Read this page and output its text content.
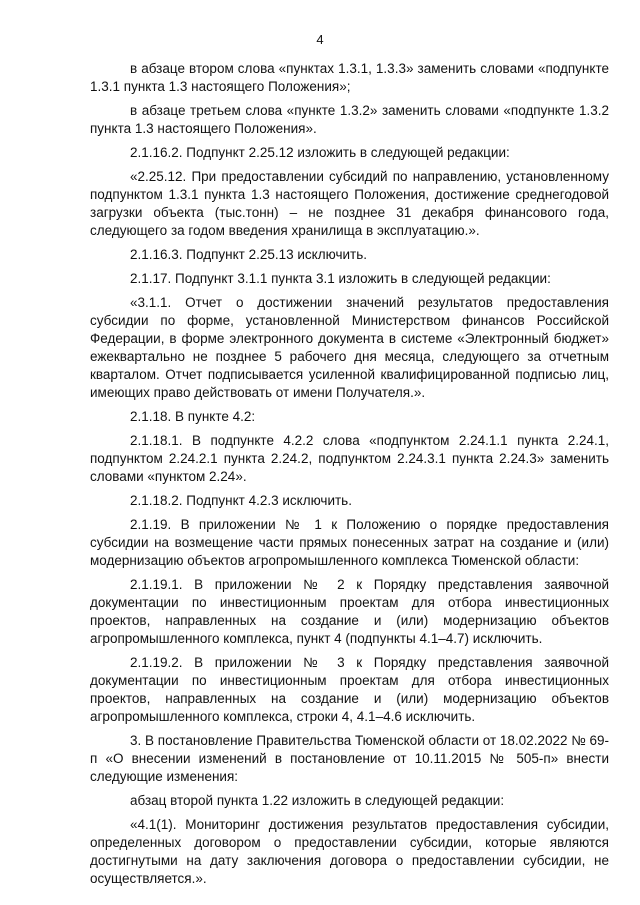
4

в абзаце втором слова «пунктах 1.3.1, 1.3.3» заменить словами «подпункте 1.3.1 пункта 1.3 настоящего Положения»;

в абзаце третьем слова «пункте 1.3.2» заменить словами «подпункте 1.3.2 пункта 1.3 настоящего Положения».

2.1.16.2. Подпункт 2.25.12 изложить в следующей редакции:

«2.25.12. При предоставлении субсидий по направлению, установленному подпунктом 1.3.1 пункта 1.3 настоящего Положения, достижение среднегодовой загрузки объекта (тыс.тонн) – не позднее 31 декабря финансового года, следующего за годом введения хранилища в эксплуатацию.».

2.1.16.3. Подпункт 2.25.13 исключить.

2.1.17. Подпункт 3.1.1 пункта 3.1 изложить в следующей редакции:

«3.1.1. Отчет о достижении значений результатов предоставления субсидии по форме, установленной Министерством финансов Российской Федерации, в форме электронного документа в системе «Электронный бюджет» ежеквартально не позднее 5 рабочего дня месяца, следующего за отчетным кварталом. Отчет подписывается усиленной квалифицированной подписью лиц, имеющих право действовать от имени Получателя.».

2.1.18. В пункте 4.2:

2.1.18.1. В подпункте 4.2.2 слова «подпунктом 2.24.1.1 пункта 2.24.1, подпунктом 2.24.2.1 пункта 2.24.2, подпунктом 2.24.3.1 пункта 2.24.3» заменить словами «пунктом 2.24».

2.1.18.2. Подпункт 4.2.3 исключить.

2.1.19. В приложении № 1 к Положению о порядке предоставления субсидии на возмещение части прямых понесенных затрат на создание и (или) модернизацию объектов агропромышленного комплекса Тюменской области:

2.1.19.1. В приложении № 2 к Порядку представления заявочной документации по инвестиционным проектам для отбора инвестиционных проектов, направленных на создание и (или) модернизацию объектов агропромышленного комплекса, пункт 4 (подпункты 4.1–4.7) исключить.

2.1.19.2. В приложении № 3 к Порядку представления заявочной документации по инвестиционным проектам для отбора инвестиционных проектов, направленных на создание и (или) модернизацию объектов агропромышленного комплекса, строки 4, 4.1–4.6 исключить.

3. В постановление Правительства Тюменской области от 18.02.2022 № 69-п «О внесении изменений в постановление от 10.11.2015 № 505-п» внести следующие изменения:

абзац второй пункта 1.22 изложить в следующей редакции:

«4.1(1). Мониторинг достижения результатов предоставления субсидии, определенных договором о предоставлении субсидии, которые являются достигнутыми на дату заключения договора о предоставлении субсидии, не осуществляется.».
